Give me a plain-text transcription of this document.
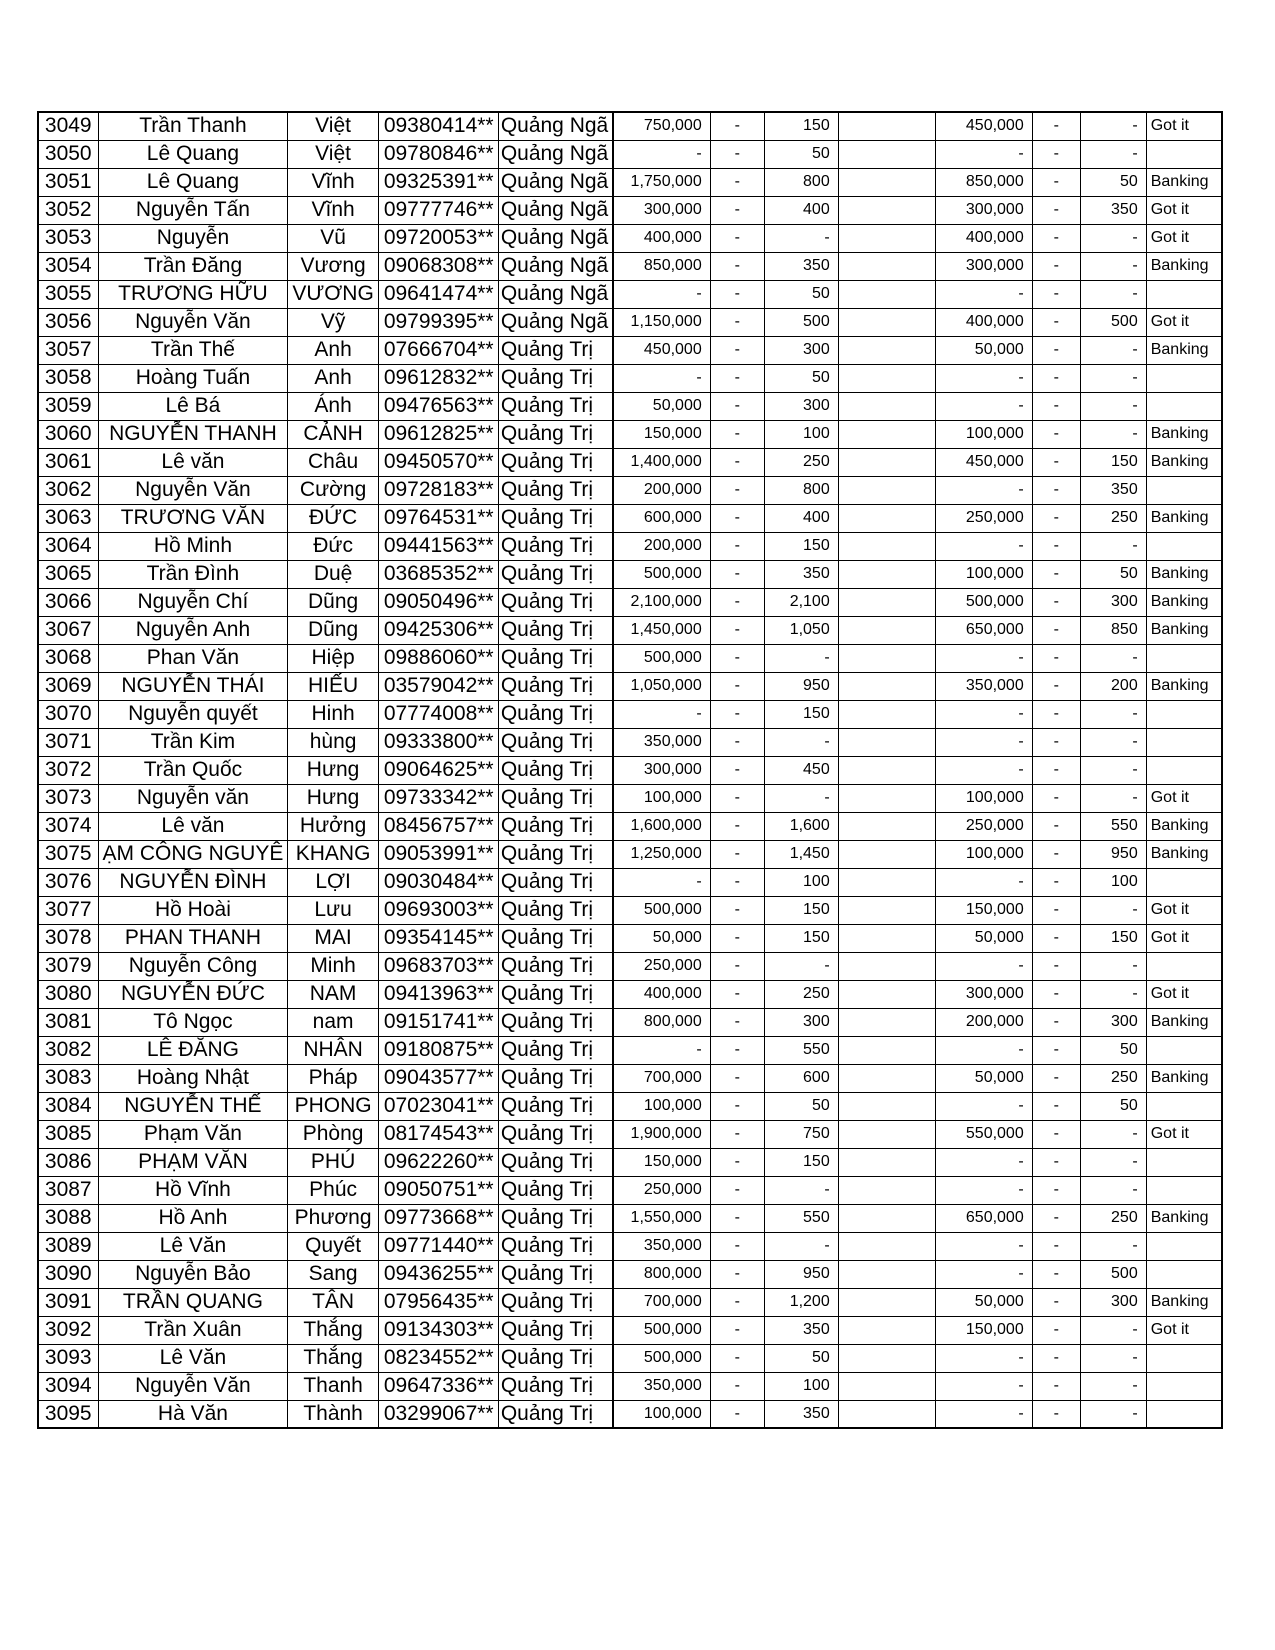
3049	Trần Thanh	Việt	09380414**	Quảng Ngã	750,000	-	150		450,000	-	-	Got it
3050	Lê Quang	Việt	09780846**	Quảng Ngã	-	-	50		-	-	-	
3051	Lê Quang	Vĩnh	09325391**	Quảng Ngã	1,750,000	-	800		850,000	-	50	Banking
3052	Nguyễn Tấn	Vĩnh	09777746**	Quảng Ngã	300,000	-	400		300,000	-	350	Got it
3053	Nguyễn	Vũ	09720053**	Quảng Ngã	400,000	-	-		400,000	-	-	Got it
3054	Trần Đăng	Vương	09068308**	Quảng Ngã	850,000	-	350		300,000	-	-	Banking
3055	TRƯƠNG HỮU	VƯƠNG	09641474**	Quảng Ngã	-	-	50		-	-	-	
3056	Nguyễn Văn	Vỹ	09799395**	Quảng Ngã	1,150,000	-	500		400,000	-	500	Got it
3057	Trần Thế	Anh	07666704**	Quảng Trị	450,000	-	300		50,000	-	-	Banking
3058	Hoàng Tuấn	Anh	09612832**	Quảng Trị	-	-	50		-	-	-	
3059	Lê Bá	Ánh	09476563**	Quảng Trị	50,000	-	300		-	-	-	
3060	NGUYỄN THANH	CẢNH	09612825**	Quảng Trị	150,000	-	100		100,000	-	-	Banking
3061	Lê văn	Châu	09450570**	Quảng Trị	1,400,000	-	250		450,000	-	150	Banking
3062	Nguyễn Văn	Cường	09728183**	Quảng Trị	200,000	-	800		-	-	350	
3063	TRƯƠNG VĂN	ĐỨC	09764531**	Quảng Trị	600,000	-	400		250,000	-	250	Banking
3064	Hồ Minh	Đức	09441563**	Quảng Trị	200,000	-	150		-	-	-	
3065	Trần Đình	Duệ	03685352**	Quảng Trị	500,000	-	350		100,000	-	50	Banking
3066	Nguyễn Chí	Dũng	09050496**	Quảng Trị	2,100,000	-	2,100		500,000	-	300	Banking
3067	Nguyễn Anh	Dũng	09425306**	Quảng Trị	1,450,000	-	1,050		650,000	-	850	Banking
3068	Phan Văn	Hiệp	09886060**	Quảng Trị	500,000	-	-		-	-	-	
3069	NGUYỄN THÁI	HIẾU	03579042**	Quảng Trị	1,050,000	-	950		350,000	-	200	Banking
3070	Nguyễn quyết	Hinh	07774008**	Quảng Trị	-	-	150		-	-	-	
3071	Trần Kim	hùng	09333800**	Quảng Trị	350,000	-	-		-	-	-	
3072	Trần Quốc	Hưng	09064625**	Quảng Trị	300,000	-	450		-	-	-	
3073	Nguyễn văn	Hưng	09733342**	Quảng Trị	100,000	-	-		100,000	-	-	Got it
3074	Lê văn	Hưởng	08456757**	Quảng Trị	1,600,000	-	1,600		250,000	-	550	Banking
3075	ẠM CÔNG NGUYÊ	KHANG	09053991**	Quảng Trị	1,250,000	-	1,450		100,000	-	950	Banking
3076	NGUYỄN ĐÌNH	LỢI	09030484**	Quảng Trị	-	-	100		-	-	100	
3077	Hồ Hoài	Lưu	09693003**	Quảng Trị	500,000	-	150		150,000	-	-	Got it
3078	PHAN THANH	MAI	09354145**	Quảng Trị	50,000	-	150		50,000	-	150	Got it
3079	Nguyễn Công	Minh	09683703**	Quảng Trị	250,000	-	-		-	-	-	
3080	NGUYỄN ĐỨC	NAM	09413963**	Quảng Trị	400,000	-	250		300,000	-	-	Got it
3081	Tô Ngọc	nam	09151741**	Quảng Trị	800,000	-	300		200,000	-	300	Banking
3082	LÊ ĐĂNG	NHÂN	09180875**	Quảng Trị	-	-	550		-	-	50	
3083	Hoàng Nhật	Pháp	09043577**	Quảng Trị	700,000	-	600		50,000	-	250	Banking
3084	NGUYỄN THẾ	PHONG	07023041**	Quảng Trị	100,000	-	50		-	-	50	
3085	Phạm Văn	Phòng	08174543**	Quảng Trị	1,900,000	-	750		550,000	-	-	Got it
3086	PHẠM VĂN	PHÚ	09622260**	Quảng Trị	150,000	-	150		-	-	-	
3087	Hồ Vĩnh	Phúc	09050751**	Quảng Trị	250,000	-	-		-	-	-	
3088	Hồ Anh	Phương	09773668**	Quảng Trị	1,550,000	-	550		650,000	-	250	Banking
3089	Lê Văn	Quyết	09771440**	Quảng Trị	350,000	-	-		-	-	-	
3090	Nguyễn Bảo	Sang	09436255**	Quảng Trị	800,000	-	950		-	-	500	
3091	TRẦN QUANG	TÂN	07956435**	Quảng Trị	700,000	-	1,200		50,000	-	300	Banking
3092	Trần Xuân	Thắng	09134303**	Quảng Trị	500,000	-	350		150,000	-	-	Got it
3093	Lê Văn	Thắng	08234552**	Quảng Trị	500,000	-	50		-	-	-	
3094	Nguyễn Văn	Thanh	09647336**	Quảng Trị	350,000	-	100		-	-	-	
3095	Hà Văn	Thành	03299067**	Quảng Trị	100,000	-	350		-	-	-	
